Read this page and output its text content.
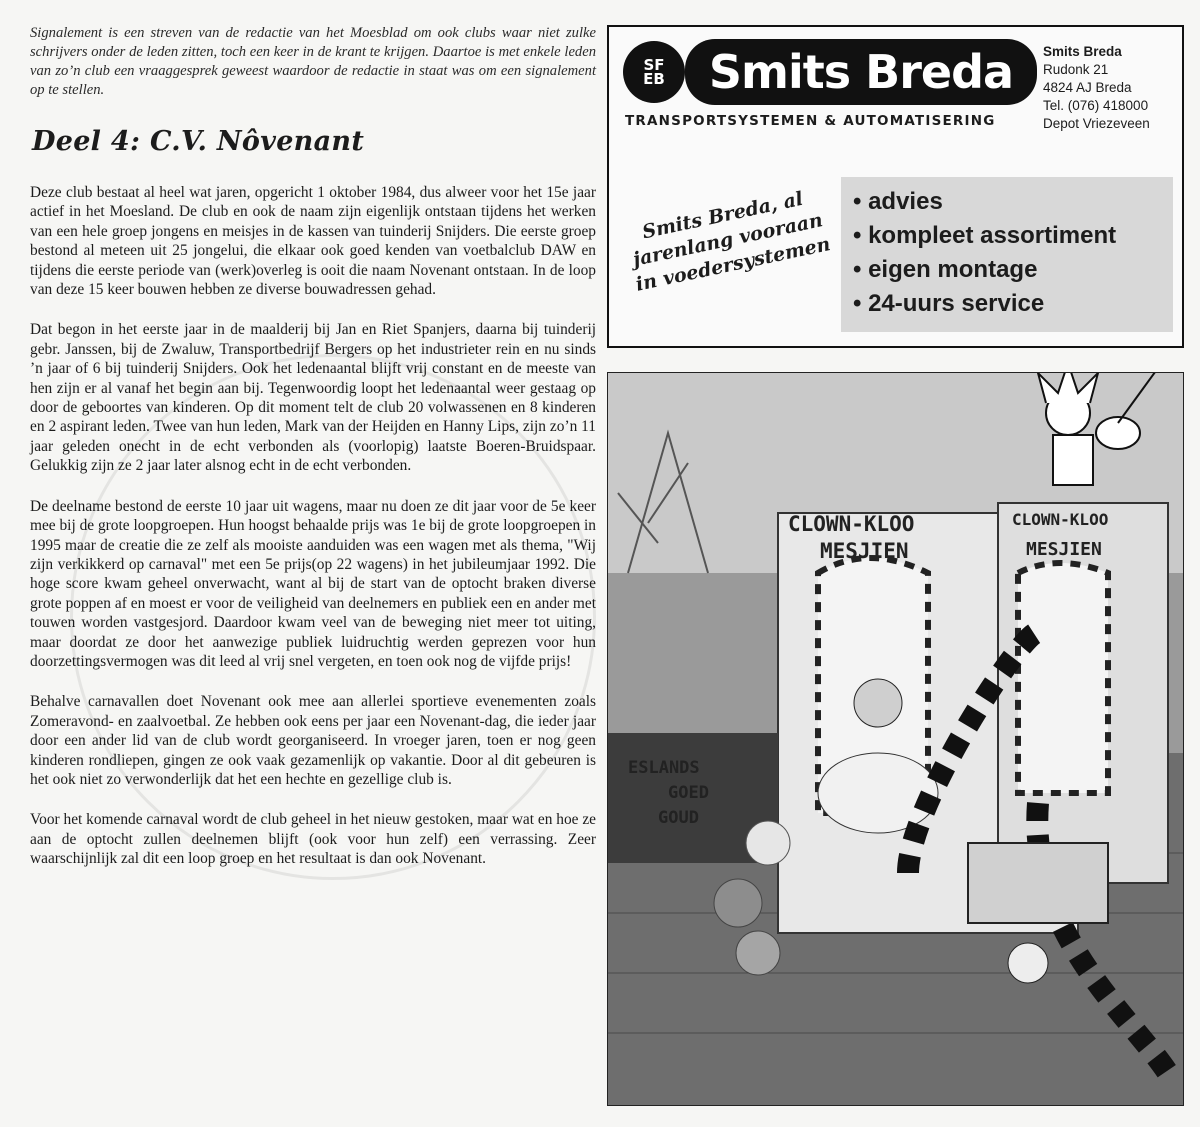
Signalement is een streven van de redactie van het Moesblad om ook clubs waar niet zulke schrijvers onder de leden zitten, toch een keer in de krant te krijgen. Daartoe is met enkele leden van zo’n club een vraaggesprek geweest waardoor de redactie in staat was om een signalement op te stellen.

Deel 4: C.V. Nôvenant

Deze club bestaat al heel wat jaren, opgericht 1 oktober 1984, dus alweer voor het 15e jaar actief in het Moesland. De club en ook de naam zijn eigenlijk ontstaan tijdens het werken van een hele groep jongens en meisjes in de kassen van tuinderij Snijders. Die eerste groep bestond al meteen uit 25 jongelui, die elkaar ook goed kenden van voetbalclub DAW en tijdens die eerste periode van (werk)overleg is ooit die naam Novenant ontstaan. In de loop van deze 15 keer bouwen hebben ze diverse bouwadressen gehad.

Dat begon in het eerste jaar in de maalderij bij Jan en Riet Spanjers, daarna bij tuinderij gebr. Janssen, bij de Zwaluw, Transportbedrijf Bergers op het industrieter rein en nu sinds ’n jaar of 6 bij tuinderij Snijders. Ook het ledenaantal blijft vrij constant en de meeste van hen zijn er al vanaf het begin aan bij. Tegenwoordig loopt het ledenaantal weer gestaag op door de geboortes van kinderen. Op dit moment telt de club 20 volwassenen en 8 kinderen en 2 aspirant leden. Twee van hun leden, Mark van der Heijden en Hanny Lips, zijn zo’n 11 jaar geleden onecht in de echt verbonden als (voorlopig) laatste Boeren-Bruidspaar. Gelukkig zijn ze 2 jaar later alsnog echt in de echt verbonden.

De deelname bestond de eerste 10 jaar uit wagens, maar nu doen ze dit jaar voor de 5e keer mee bij de grote loopgroepen. Hun hoogst behaalde prijs was 1e bij de grote loopgroepen in 1995 maar de creatie die ze zelf als mooiste aanduiden was een wagen met als thema, "Wij zijn verkikkerd op carnaval" met een 5e prijs(op 22 wagens) in het jubileumjaar 1992. Die hoge score kwam geheel onverwacht, want al bij de start van de optocht braken diverse grote poppen af en moest er voor de veiligheid van deelnemers en publiek een en ander met touwen worden vastgesjord. Daardoor kwam veel van de beweging niet meer tot uiting, maar doordat ze door het aanwezige publiek luidruchtig werden geprezen voor hun doorzettingsvermogen was dit leed al vrij snel vergeten, en toen ook nog de vijfde prijs!

Behalve carnavallen doet Novenant ook mee aan allerlei sportieve evenementen zoals Zomeravond- en zaalvoetbal. Ze hebben ook eens per jaar een Novenant-dag, die ieder jaar door een ander lid van de club wordt georganiseerd. In vroeger jaren, toen er nog geen kinderen rondliepen, gingen ze ook vaak gezamenlijk op vakantie. Door al dit gebeuren is het ook niet zo verwonderlijk dat het een hechte en gezellige club is.

Voor het komende carnaval wordt de club geheel in het nieuw gestoken, maar wat en hoe ze aan de optocht zullen deelnemen blijft (ook voor hun zelf) een verrassing. Zeer waarschijnlijk zal dit een loop groep en het resultaat is dan ook Novenant.

SF
EB Smits Breda
TRANSPORTSYSTEMEN & AUTOMATISERING
Smits Breda
Rudonk 21
4824 AJ Breda
Tel. (076) 418000
Depot Vriezeveen
Smits Breda, al jarenlang vooraan in voedersystemen
• advies
• kompleet assortiment
• eigen montage
• 24-uurs service
CLOWN-KLOO
MESJIEN
CLOWN-KLOO
MESJIEN
ESLANDS
GOED
GOUD
